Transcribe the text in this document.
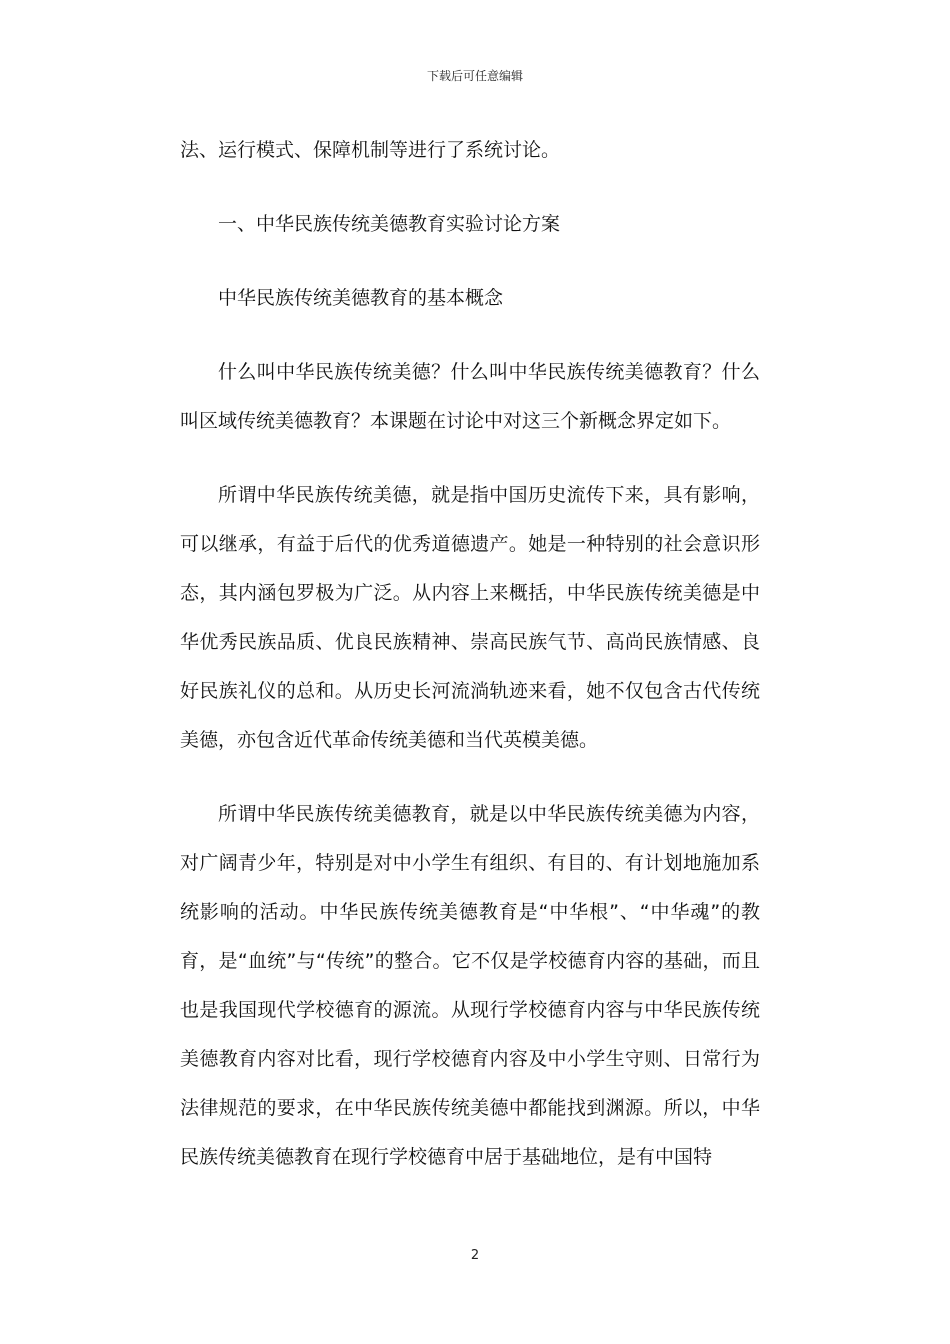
下载后可任意编辑

法、运行模式、保障机制等进行了系统讨论。

一、中华民族传统美德教育实验讨论方案

中华民族传统美德教育的基本概念

什么叫中华民族传统美德？什么叫中华民族传统美德教育？什么叫区域传统美德教育？本课题在讨论中对这三个新概念界定如下。

所谓中华民族传统美德，就是指中国历史流传下来，具有影响，可以继承，有益于后代的优秀道德遗产。她是一种特别的社会意识形态，其内涵包罗极为广泛。从内容上来概括，中华民族传统美德是中华优秀民族品质、优良民族精神、崇高民族气节、高尚民族情感、良好民族礼仪的总和。从历史长河流淌轨迹来看，她不仅包含古代传统美德，亦包含近代革命传统美德和当代英模美德。

所谓中华民族传统美德教育，就是以中华民族传统美德为内容，对广阔青少年，特别是对中小学生有组织、有目的、有计划地施加系统影响的活动。中华民族传统美德教育是“中华根”、“中华魂”的教育，是“血统”与“传统”的整合。它不仅是学校德育内容的基础，而且也是我国现代学校德育的源流。从现行学校德育内容与中华民族传统美德教育内容对比看，现行学校德育内容及中小学生守则、日常行为法律规范的要求，在中华民族传统美德中都能找到渊源。所以，中华民族传统美德教育在现行学校德育中居于基础地位，是有中国特

2
